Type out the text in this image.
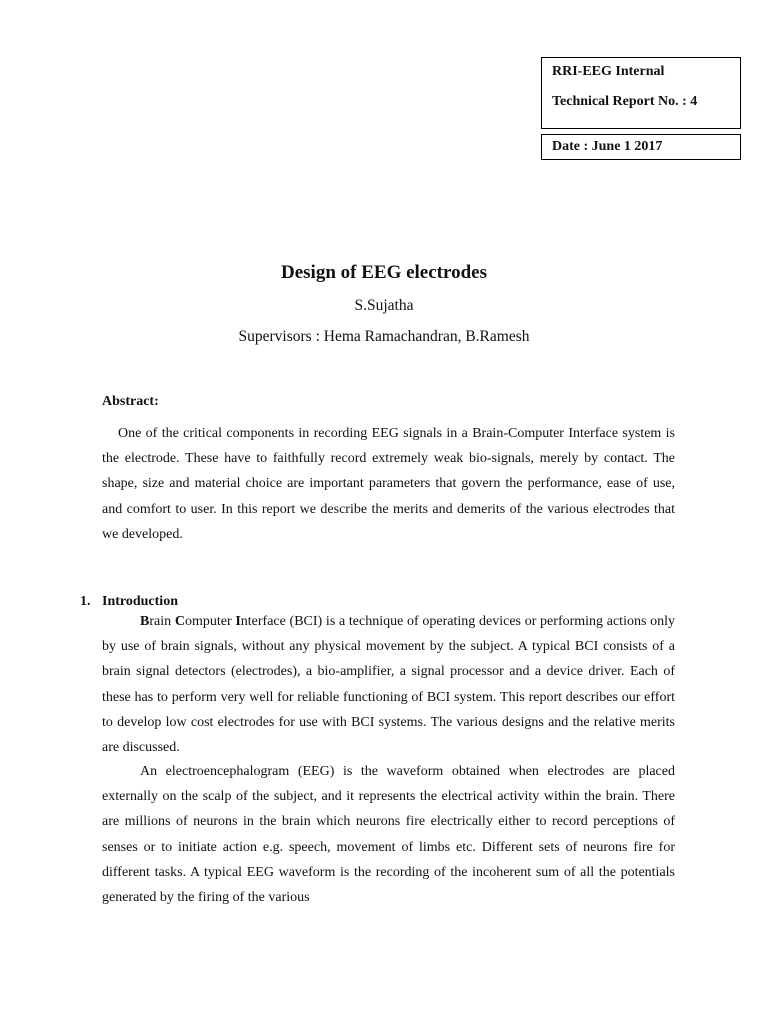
RRI-EEG Internal
Technical Report No. : 4
Date : June 1 2017
Design of EEG electrodes
S.Sujatha
Supervisors : Hema Ramachandran, B.Ramesh
Abstract:

One of the critical components in recording EEG signals in a Brain-Computer Interface system is the electrode. These have to faithfully record extremely weak bio-signals, merely by contact. The shape, size and material choice are important parameters that govern the performance, ease of use, and comfort to user. In this report we describe the merits and demerits of the various electrodes that we developed.

1. Introduction

Brain Computer Interface (BCI) is a technique of operating devices or performing actions only by use of brain signals, without any physical movement by the subject. A typical BCI consists of a brain signal detectors (electrodes), a bio-amplifier, a signal processor and a device driver. Each of these has to perform very well for reliable functioning of BCI system. This report describes our effort to develop low cost electrodes for use with BCI systems. The various designs and the relative merits are discussed.

An electroencephalogram (EEG) is the waveform obtained when electrodes are placed externally on the scalp of the subject, and it represents the electrical activity within the brain. There are millions of neurons in the brain which neurons fire electrically either to record perceptions of senses or to initiate action e.g. speech, movement of limbs etc. Different sets of neurons fire for different tasks. A typical EEG waveform is the recording of the incoherent sum of all the potentials generated by the firing of the various
